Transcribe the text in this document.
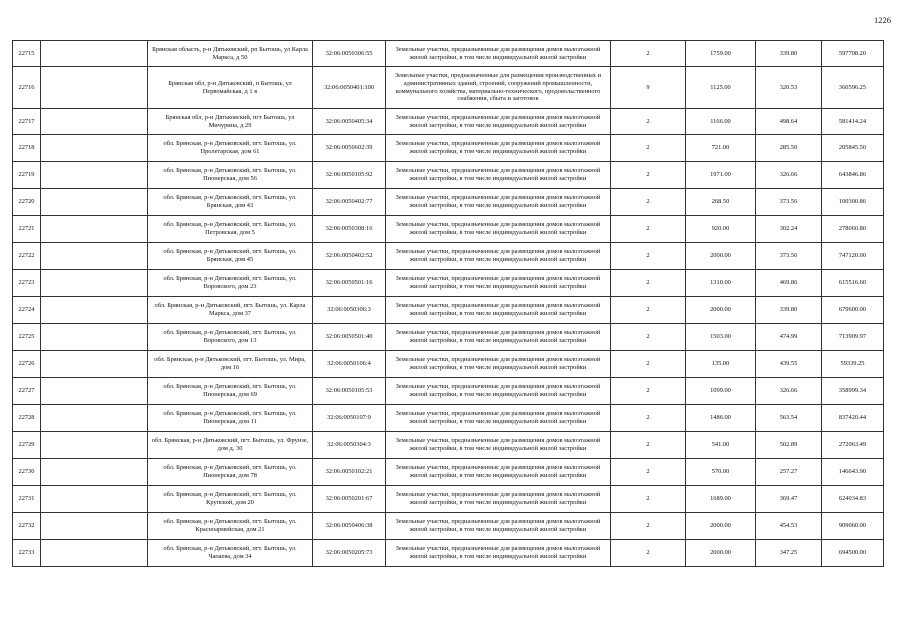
1226
22715		Брянская область, р-н Дятьковский, рп Бытошь, ул Карла Маркса, д 50	32:06:0050306:55	Земельные участки, предназначенные для размещения домов малоэтажной жилой застройки, в том числе индивидуальной жилой застройки	2	1759.00	339.80	597708.20
22716		Брянская обл, р-н Дятьковский, п Бытошь, ул Первомайская, д 1 в	32:06:0050401:100	Земельные участки, предназначенные для размещения производственных и административных зданий, строений, сооружений промышленности, коммунального хозяйства, материально-технического, продовольственного снабжения, сбыта и заготовок	9	1125.00	320.53	360596.25
22717		Брянская обл, р-н Дятьковский, пгт Бытошь, ул Мичурина, д 29	32:06:0050405:34	Земельные участки, предназначенные для размещения домов малоэтажной жилой застройки, в том числе индивидуальной жилой застройки	2	1166.00	498.64	581414.24
22718		обл. Брянская, р-н Дятьковский, пгт. Бытошь, ул. Пролетарская, дом 61	32:06:0050602:39	Земельные участки, предназначенные для размещения домов малоэтажной жилой застройки, в том числе индивидуальной жилой застройки	2	721.00	285.50	205845.50
22719		обл. Брянская, р-н Дятьковский, пгт. Бытошь, ул. Пионерская, дом 56	32:06:0050105:92	Земельные участки, предназначенные для размещения домов малоэтажной жилой застройки, в том числе индивидуальной жилой застройки	2	1971.00	326.66	643846.86
22720		обл. Брянская, р-н Дятьковский, пгт. Бытошь, ул. Брянская, дом 43	32:06:0050402:77	Земельные участки, предназначенные для размещения домов малоэтажной жилой застройки, в том числе индивидуальной жилой застройки	2	268.50	373.56	100300.86
22721		обл. Брянская, р-н Дятьковский, пгт. Бытошь, ул. Петровская, дом 5	32:06:0050308:16	Земельные участки, предназначенные для размещения домов малоэтажной жилой застройки, в том числе индивидуальной жилой застройки	2	920.00	302.24	278060.80
22722		обл. Брянская, р-н Дятьковский, пгт. Бытошь, ул. Брянская, дом 45	32:06:0050402:52	Земельные участки, предназначенные для размещения домов малоэтажной жилой застройки, в том числе индивидуальной жилой застройки	2	2000.00	373.56	747120.00
22723		обл. Брянская, р-н Дятьковский, пгт. Бытошь, ул. Воровского, дом 23	32:06:0050501:16	Земельные участки, предназначенные для размещения домов малоэтажной жилой застройки, в том числе индивидуальной жилой застройки	2	1310.00	469.86	615516.60
22724		обл. Брянская, р-н Дятьковский, пгт. Бытошь, ул. Карла Маркса, дом 37	32:06:0050306:3	Земельные участки, предназначенные для размещения домов малоэтажной жилой застройки, в том числе индивидуальной жилой застройки	2	2000.00	339.80	679600.00
22725		обл. Брянская, р-н Дятьковский, пгт. Бытошь, ул. Воровского, дом 13	32:06:0050501:40	Земельные участки, предназначенные для размещения домов малоэтажной жилой застройки, в том числе индивидуальной жилой застройки	2	1503.00	474.99	713909.97
22726		обл. Брянская, р-н Дятьковский, пгт. Бытошь, ул. Мира, дом 16	32:06:0050106:4	Земельные участки, предназначенные для размещения домов малоэтажной жилой застройки, в том числе индивидуальной жилой застройки	2	135.00	439.55	59339.25
22727		обл. Брянская, р-н Дятьковский, пгт. Бытошь, ул. Пионерская, дом 69	32:06:0050105:53	Земельные участки, предназначенные для размещения домов малоэтажной жилой застройки, в том числе индивидуальной жилой застройки	2	1099.00	326.66	358999.34
22728		обл. Брянская, р-н Дятьковский, пгт. Бытошь, ул. Пионерская, дом 11	32:06:0050107:9	Земельные участки, предназначенные для размещения домов малоэтажной жилой застройки, в том числе индивидуальной жилой застройки	2	1486.00	563.54	837420.44
22729		обл. Брянская, р-н Дятьковский, пгт. Бытошь, ул. Фрунзе, дом д. 30	32:06:0050304:3	Земельные участки, предназначенные для размещения домов малоэтажной жилой застройки, в том числе индивидуальной жилой застройки	2	541.00	502.89	272063.49
22730		обл. Брянская, р-н Дятьковский, пгт. Бытошь, ул. Пионерская, дом 78	32:06:0050102:21	Земельные участки, предназначенные для размещения домов малоэтажной жилой застройки, в том числе индивидуальной жилой застройки	2	570.00	257.27	146643.90
22731		обл. Брянская, р-н Дятьковский, пгт. Бытошь, ул. Крупской, дом 20	32:06:0050201:67	Земельные участки, предназначенные для размещения домов малоэтажной жилой застройки, в том числе индивидуальной жилой застройки	2	1689.00	369.47	624034.83
22732		обл. Брянская, р-н Дятьковский, пгт. Бытошь, ул. Красноармейская, дом 21	32:06:0050406:38	Земельные участки, предназначенные для размещения домов малоэтажной жилой застройки, в том числе индивидуальной жилой застройки	2	2000.00	454.53	909060.00
22733		обл. Брянская, р-н Дятьковский, пгт. Бытошь, ул. Чапаева, дом 34	32:06:0050205:73	Земельные участки, предназначенные для размещения домов малоэтажной жилой застройки, в том числе индивидуальной жилой застройки	2	2000.00	347.25	694500.00
